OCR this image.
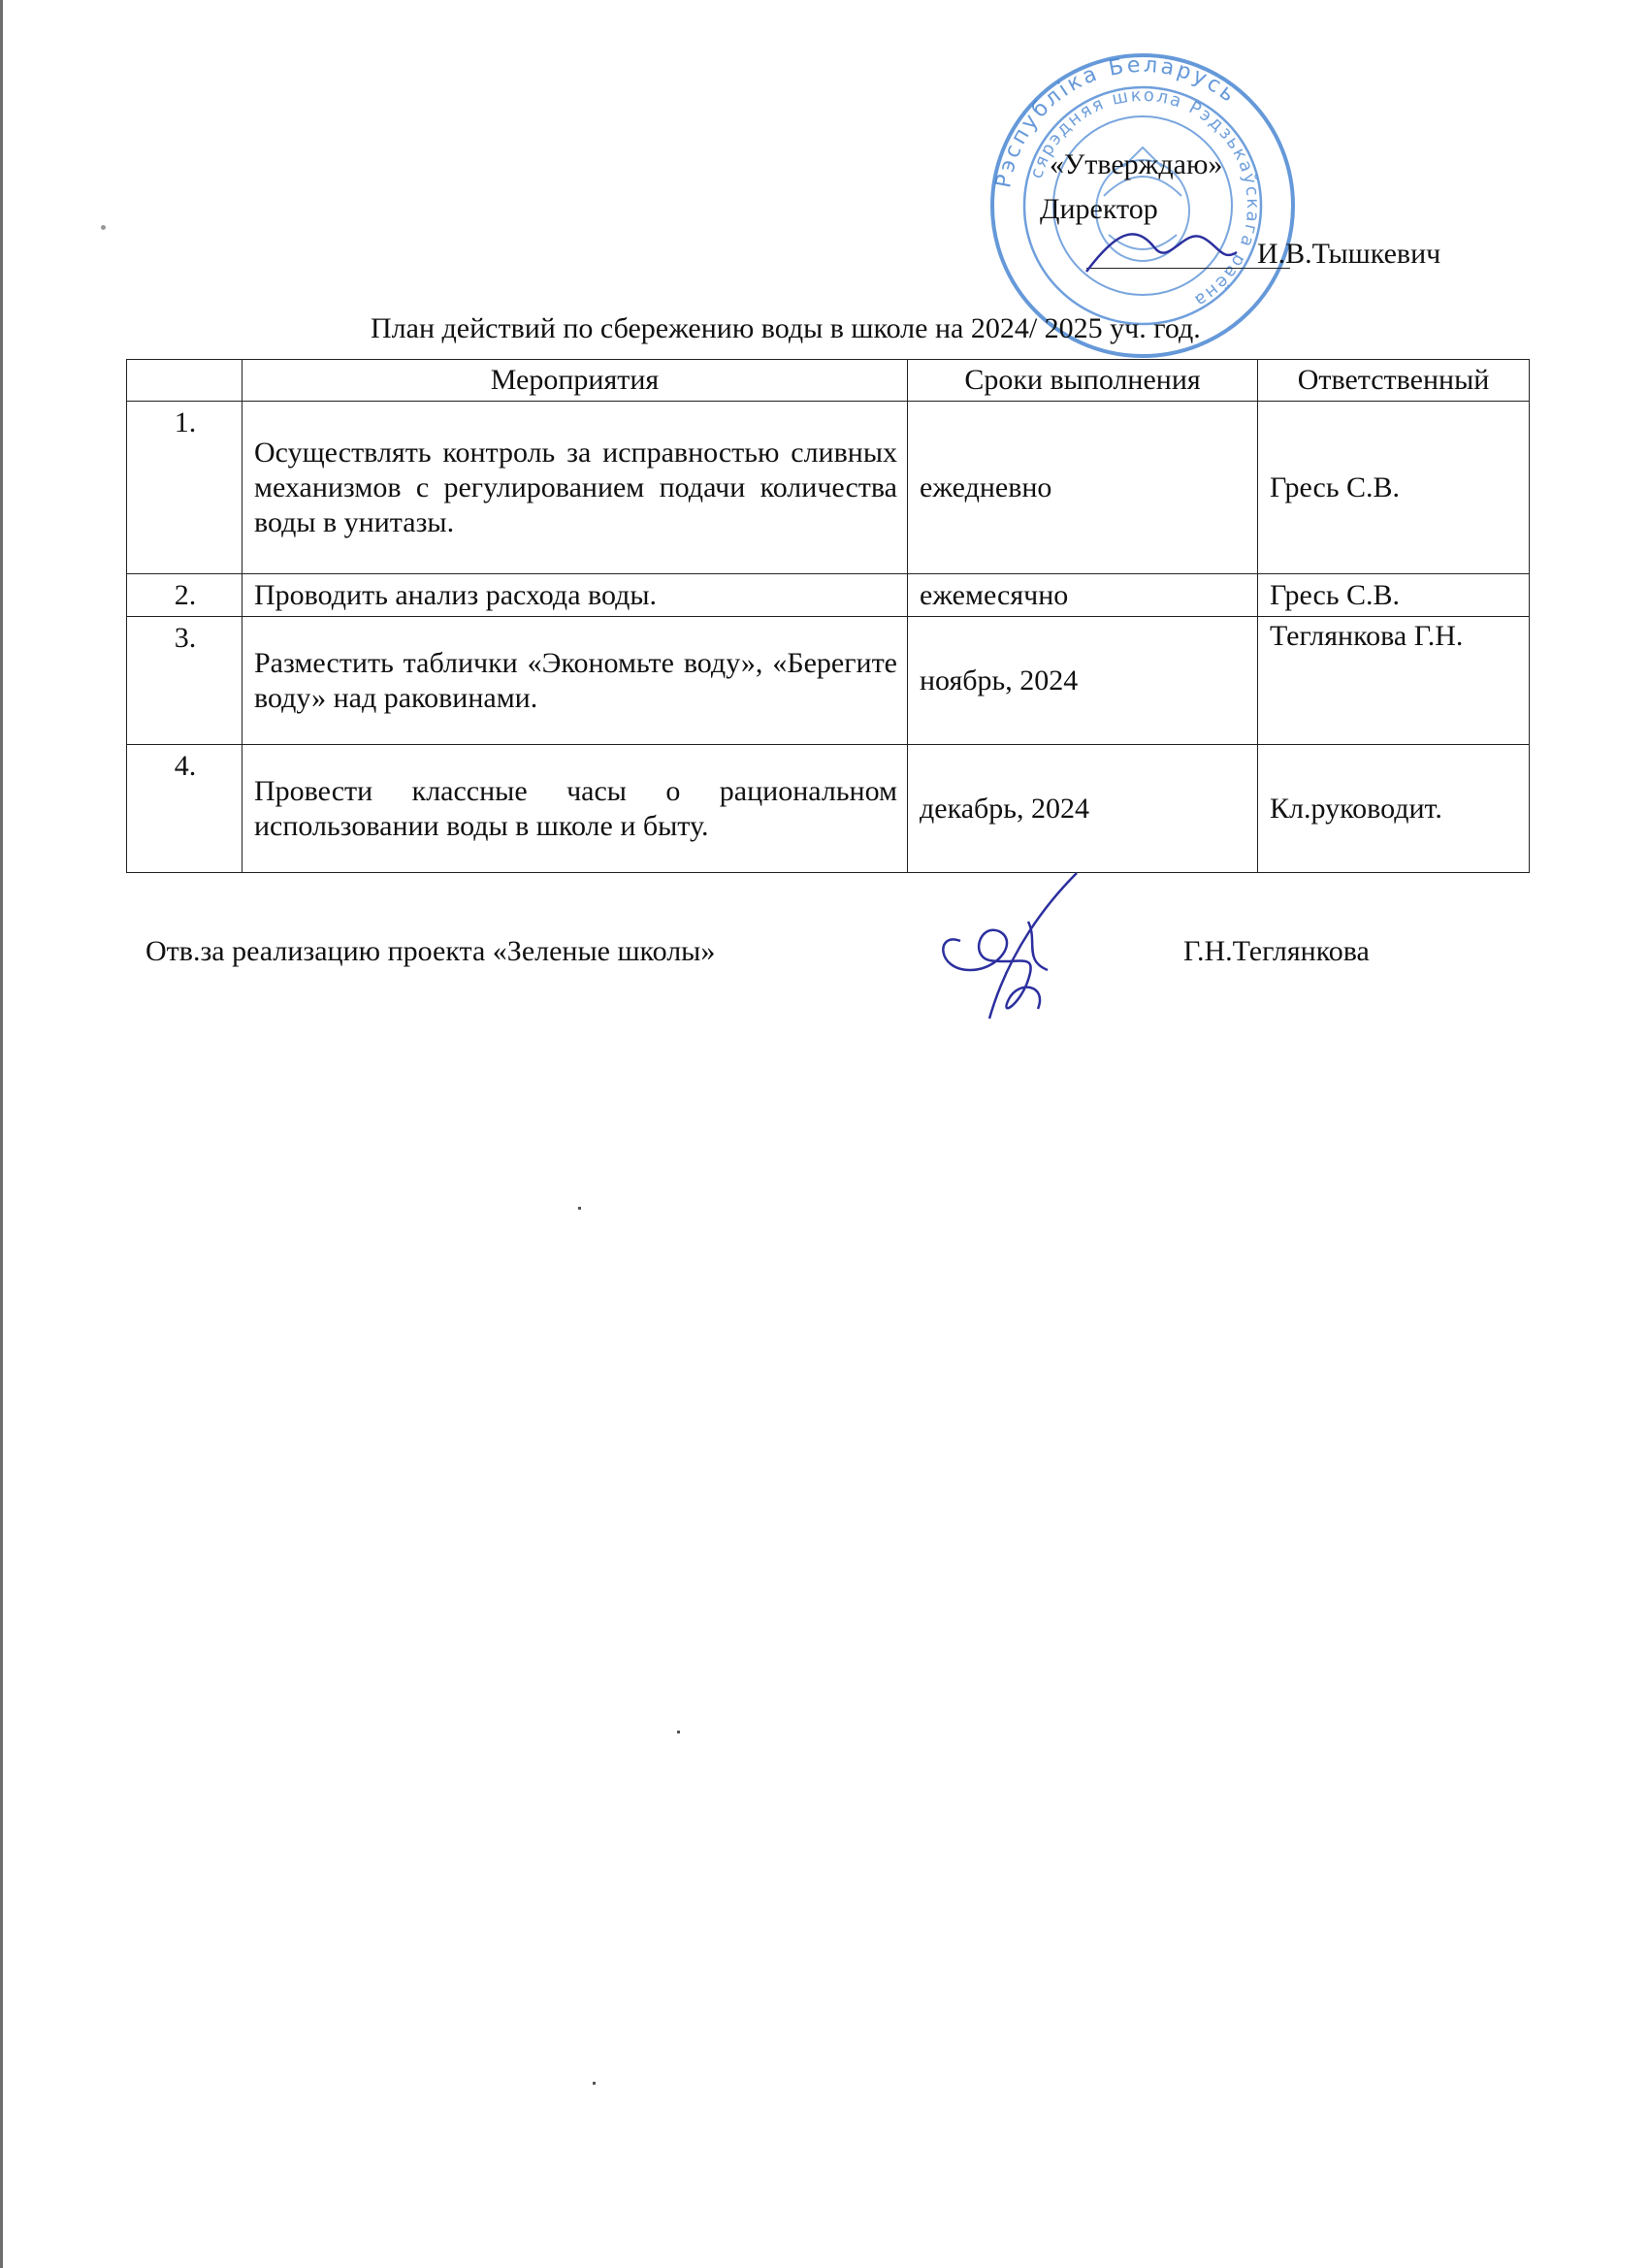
Рэспубліка Беларусь
сярэдняя школа Рэдзькаўскага раёна
«Утверждаю»
Директор
И.В.Тышкевич
План действий по сбережению воды в школе на 2024/ 2025 уч. год.
	Мероприятия	Сроки выполнения	Ответственный
1.	Осуществлять контроль за исправностью сливных механизмов с регулированием подачи количества воды в унитазы.	ежедневно	Гресь С.В.
2.	Проводить анализ расхода воды.	ежемесячно	Гресь С.В.
3.	Разместить таблички «Экономьте воду», «Берегите воду» над раковинами.	ноябрь, 2024	Теглянкова Г.Н.
4.	Провести классные часы о рациональном использовании воды в школе и быту.	декабрь, 2024	Кл.руководит.
Отв.за реализацию проекта «Зеленые школы»	Г.Н.Теглянкова
